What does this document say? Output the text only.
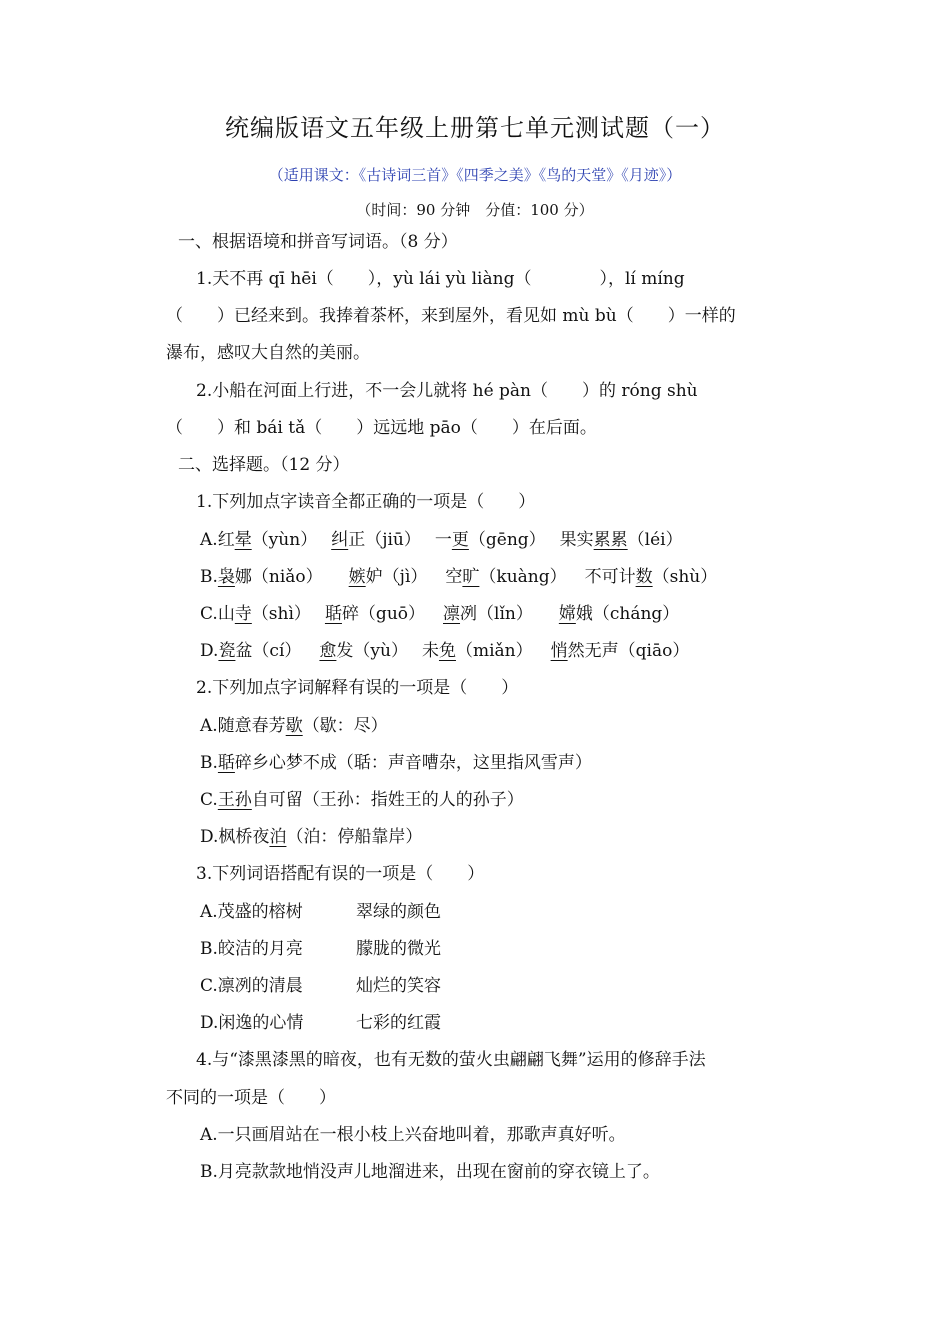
统编版语文五年级上册第七单元测试题（一）
（适用课文：《古诗词三首》《四季之美》《鸟的天堂》《月迹》）
（时间：90 分钟　分值：100 分）
一、根据语境和拼音写词语。（8 分）
1.天不再 qī hēi（　　），yù lái yù liàng（　　　　），lí míng
（　　）已经来到。我捧着茶杯，来到屋外，看见如 mù bù（　　）一样的
瀑布，感叹大自然的美丽。
2.小船在河面上行进，不一会儿就将 hé pàn（　　）的 róng shù
（　　）和 bái tǎ（　　）远远地 pāo（　　）在后面。
二、选择题。（12 分）
1.下列加点字读音全都正确的一项是（　　）
A.红晕（yùn） 纠正（jiū） 一更（gēng） 果实累累（léi）
B.袅娜（niǎo） 嫉妒（jì） 空旷（kuàng） 不可计数（shù）
C.山寺（shì） 聒碎（guō） 凛冽（lǐn） 嫦娥（cháng）
D.瓷盆（cí） 愈发（yù） 未免（miǎn） 悄然无声（qiāo）
2.下列加点字词解释有误的一项是（　　）
A.随意春芳歇（歇：尽）
B.聒碎乡心梦不成（聒：声音嘈杂，这里指风雪声）
C.王孙自可留（王孙：指姓王的人的孙子）
D.枫桥夜泊（泊：停船靠岸）
3.下列词语搭配有误的一项是（　　）
A.茂盛的榕树	翠绿的颜色
B.皎洁的月亮	朦胧的微光
C.凛冽的清晨	灿烂的笑容
D.闲逸的心情	七彩的红霞
4.与“漆黑漆黑的暗夜，也有无数的萤火虫翩翩飞舞”运用的修辞手法
不同的一项是（　　）
A.一只画眉站在一根小枝上兴奋地叫着，那歌声真好听。
B.月亮款款地悄没声儿地溜进来，出现在窗前的穿衣镜上了。
